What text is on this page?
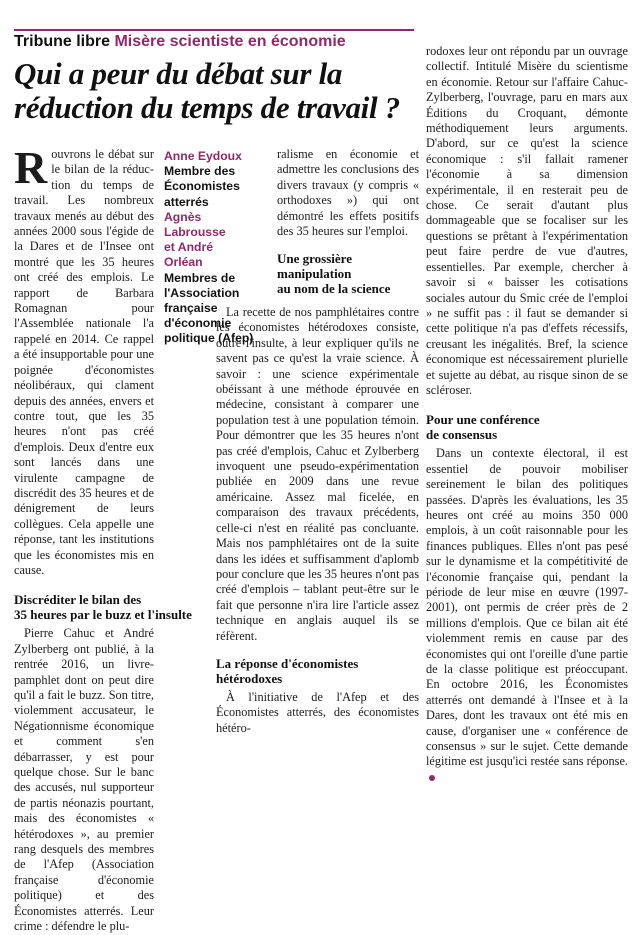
Tribune libre Misère scientiste en économie
Qui a peur du débat sur la
réduction du temps de travail ?

R ouvrons le débat sur
le bilan de la réduc-
tion du temps de

travail. Les nombreux travaux menés au début des années 2000 sous l'égide de la Dares et de l'Insee ont montré que les 35 heures ont créé des emplois. Le rapport de Barbara Romagnan pour l'Assemblée nationale l'a rappelé en 2014. Ce rappel a été insupportable pour une poignée d'économistes néolibéraux, qui clament depuis des années, envers et contre tout, que les 35 heures n'ont pas créé d'emplois. Deux d'entre eux sont lancés dans une virulente campagne de discrédit des 35 heures et de dénigrement de leurs collègues. Cela appelle une réponse, tant les institutions que les économistes mis en cause.

Discréditer le bilan des
35 heures par le buzz et l'insulte

Pierre Cahuc et André Zylberberg ont publié, à la rentrée 2016, un livre-pamphlet dont on peut dire qu'il a fait le buzz. Son titre, violemment accusateur, le Négationnisme économique et comment s'en débarrasser, y est pour quelque chose. Sur le banc des accusés, nul supporteur de partis néonazis pourtant, mais des économistes « hétérodoxes », au premier rang desquels des membres de l'Afep (Association française d'économie politique) et des Économistes atterrés. Leur crime : défendre le plu-

Anne Eydoux
Membre des
Économistes
atterrés
Agnès
Labrousse
et André
Orléan
Membres de
l'Association
française
d'économie
politique (Afep)

ralisme en économie et admettre les conclusions des divers travaux (y compris « orthodoxes ») qui ont démontré les effets positifs des 35 heures sur l'emploi.

Une grossière
manipulation
au nom de la science

La recette de nos pamphlétaires contre les économistes hétérodoxes consiste, outre l'insulte, à leur expliquer qu'ils ne savent pas ce qu'est la vraie science. À savoir : une science expérimentale obéissant à une méthode éprouvée en médecine, consistant à comparer une population test à une population témoin. Pour démontrer que les 35 heures n'ont pas créé d'emplois, Cahuc et Zylberberg invoquent une pseudo-expérimentation publiée en 2009 dans une revue américaine. Assez mal ficelée, en comparaison des travaux précédents, celle-ci n'est en réalité pas concluante. Mais nos pamphlétaires ont de la suite dans les idées et suffisamment d'aplomb pour conclure que les 35 heures n'ont pas créé d'emplois – tablant peut-être sur le fait que personne n'ira lire l'article assez technique en anglais auquel ils se réfèrent.

La réponse d'économistes
hétérodoxes

À l'initiative de l'Afep et des Économistes atterrés, des économistes hétéro-

rodoxes leur ont répondu par un ouvrage collectif. Intitulé Misère du scientisme en économie. Retour sur l'affaire Cahuc-Zylberberg, l'ouvrage, paru en mars aux Éditions du Croquant, démonte méthodiquement leurs arguments. D'abord, sur ce qu'est la science économique : s'il fallait ramener l'économie à sa dimension expérimentale, il en resterait peu de chose. Ce serait d'autant plus dommageable que se focaliser sur les questions se prêtant à l'expérimentation peut faire perdre de vue d'autres, essentielles. Par exemple, chercher à savoir si « baisser les cotisations sociales autour du Smic crée de l'emploi » ne suffit pas : il faut se demander si cette politique n'a pas d'effets récessifs, creusant les inégalités. Bref, la science économique est nécessairement plurielle et sujette au débat, au risque sinon de se scléroser.

Pour une conférence
de consensus

Dans un contexte électoral, il est essentiel de pouvoir mobiliser sereinement le bilan des politiques passées. D'après les évaluations, les 35 heures ont créé au moins 350 000 emplois, à un coût raisonnable pour les finances publiques. Elles n'ont pas pesé sur le dynamisme et la compétitivité de l'économie française qui, pendant la période de leur mise en œuvre (1997-2001), ont permis de créer près de 2 millions d'emplois. Que ce bilan ait été violemment remis en cause par des économistes qui ont l'oreille d'une partie de la classe politique est préoccupant. En octobre 2016, les Économistes atterrés ont demandé à l'Insee et à la Dares, dont les travaux ont été mis en cause, d'organiser une « conférence de consensus » sur le sujet. Cette demande légitime est jusqu'ici restée sans réponse.
